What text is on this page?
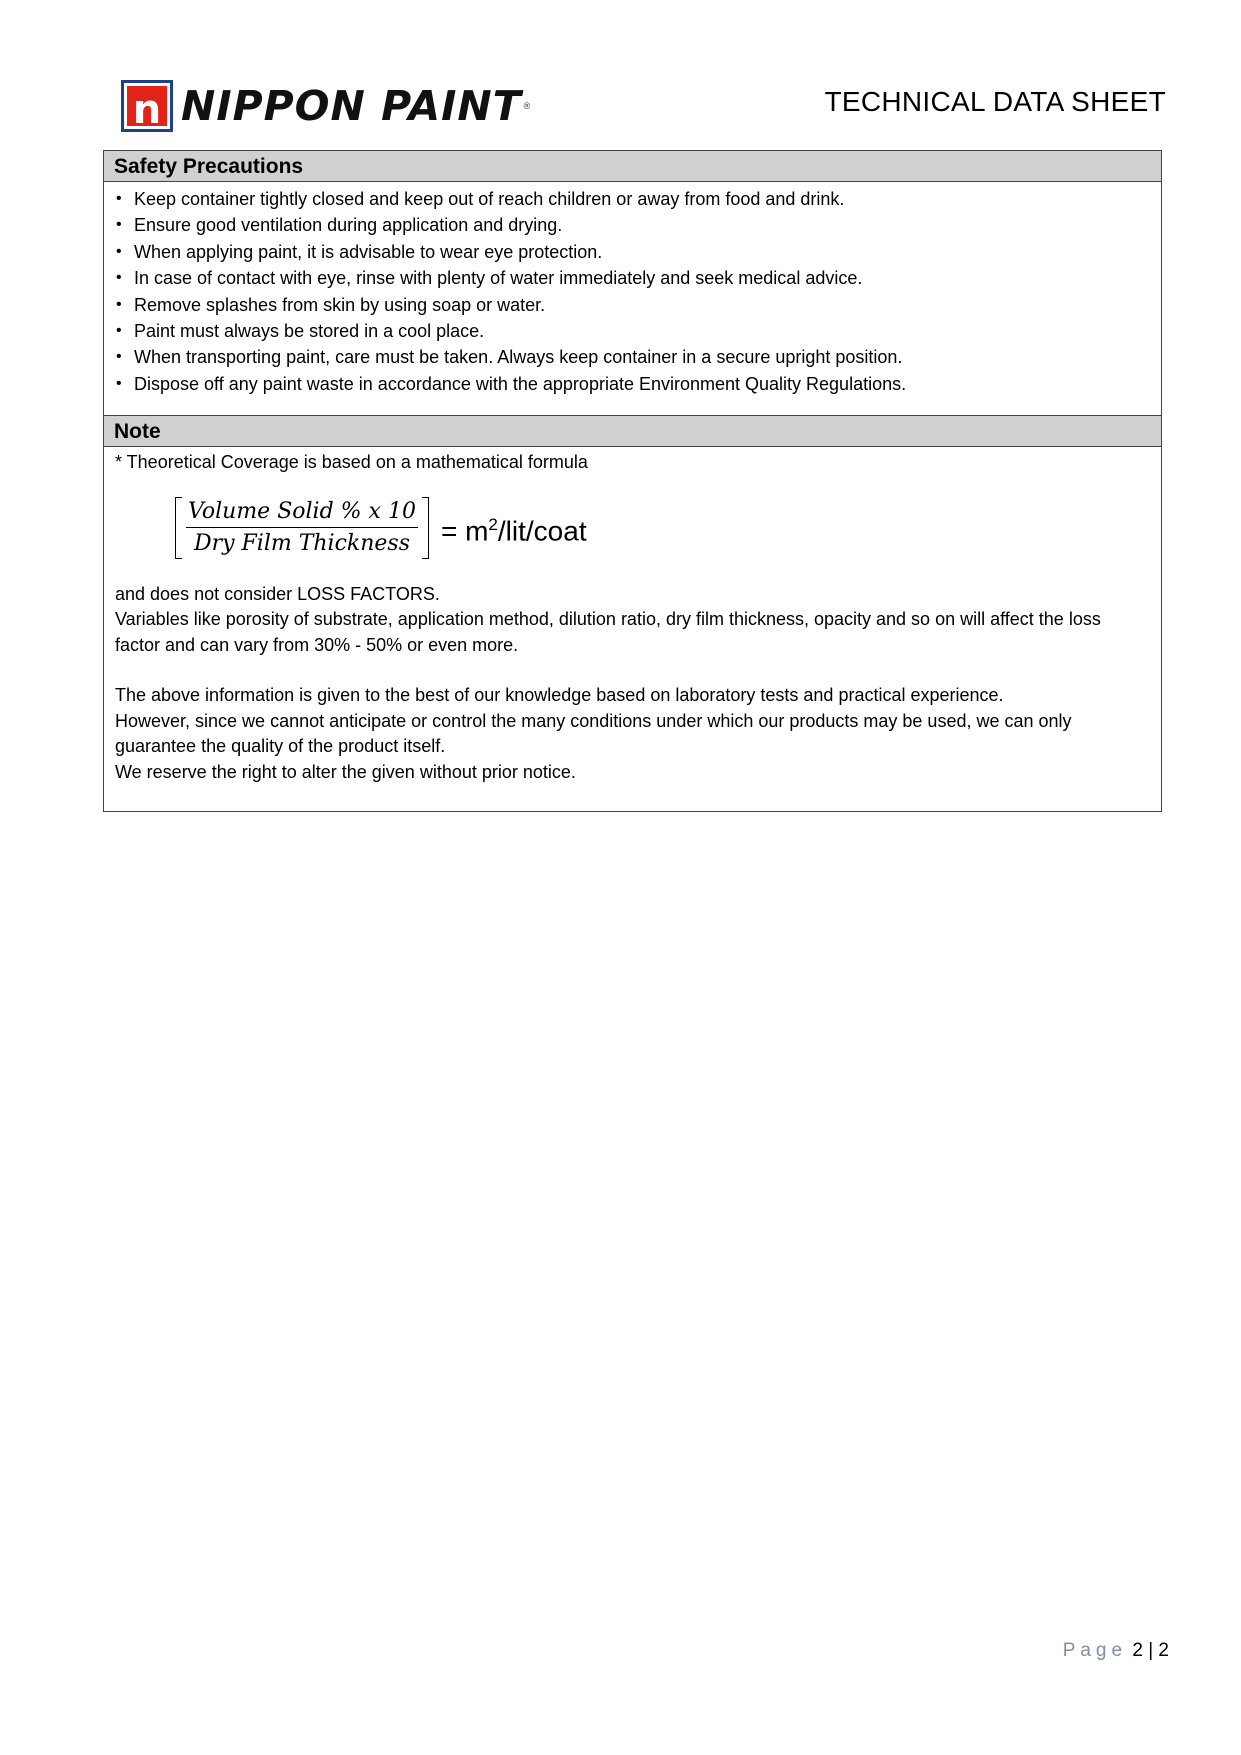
n NIPPON PAINT ®	TECHNICAL DATA SHEET
Safety Precautions
• Keep container tightly closed and keep out of reach children or away from food and drink.
• Ensure good ventilation during application and drying.
• When applying paint, it is advisable to wear eye protection.
• In case of contact with eye, rinse with plenty of water immediately and seek medical advice.
• Remove splashes from skin by using soap or water.
• Paint must always be stored in a cool place.
• When transporting paint, care must be taken. Always keep container in a secure upright position.
• Dispose off any paint waste in accordance with the appropriate Environment Quality Regulations.
Note

* Theoretical Coverage is based on a mathematical formula

$\frac{\text{Volume Solid \% x 10}}{\text{Dry Film Thickness}}$ = $m^2/lit$/coat

and does not consider LOSS FACTORS.

Variables like porosity of substrate, application method, dilution ratio, dry film thickness, opacity and so on will affect the loss factor and can vary from 30% - 50% or even more.

The above information is given to the best of our knowledge based on laboratory tests and practical experience.

However, since we cannot anticipate or control the many conditions under which our products may be used, we can only guarantee the quality of the product itself.

We reserve the right to alter the given without prior notice.

Page 2 | 2
